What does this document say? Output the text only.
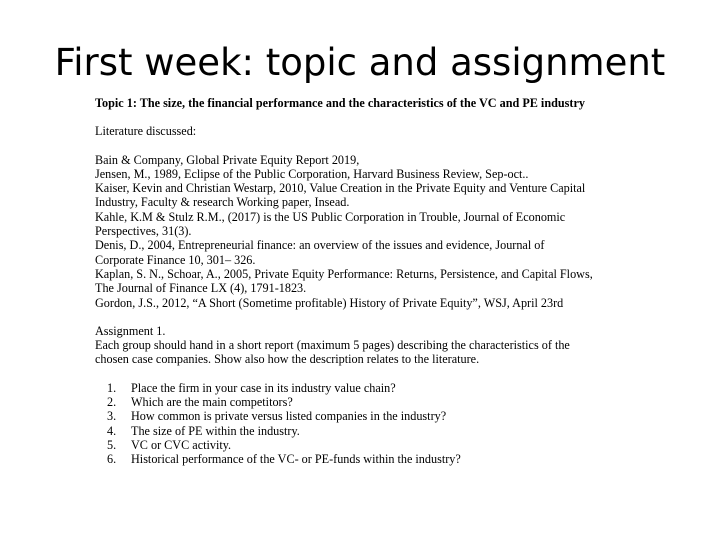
First week: topic and assignment

Topic 1: The size, the financial performance and the characteristics of the VC and PE industry

Literature discussed:

Bain & Company, Global Private Equity Report 2019,

Jensen, M., 1989, Eclipse of the Public Corporation, Harvard Business Review, Sep-oct..

Kaiser, Kevin and Christian Westarp, 2010, Value Creation in the Private Equity and Venture Capital Industry, Faculty & research Working paper, Insead.

Kahle, K.M & Stulz R.M., (2017) is the US Public Corporation in Trouble, Journal of Economic Perspectives, 31(3).

Denis, D., 2004, Entrepreneurial finance: an overview of the issues and evidence, Journal of Corporate Finance 10, 301– 326.

Kaplan, S. N., Schoar, A., 2005, Private Equity Performance: Returns, Persistence, and Capital Flows, The Journal of Finance LX (4), 1791-1823.

Gordon, J.S., 2012, “A Short (Sometime profitable) History of Private Equity”, WSJ, April 23rd

Assignment 1.

Each group should hand in a short report (maximum 5 pages) describing the characteristics of the chosen case companies. Show also how the description relates to the literature.

1.	Place the firm in your case in its industry value chain?
2.	Which are the main competitors?
3.	How common is private versus listed companies in the industry?
4.	The size of PE within the industry.
5.	VC or CVC activity.
6.	Historical performance of the VC- or PE-funds within the industry?
